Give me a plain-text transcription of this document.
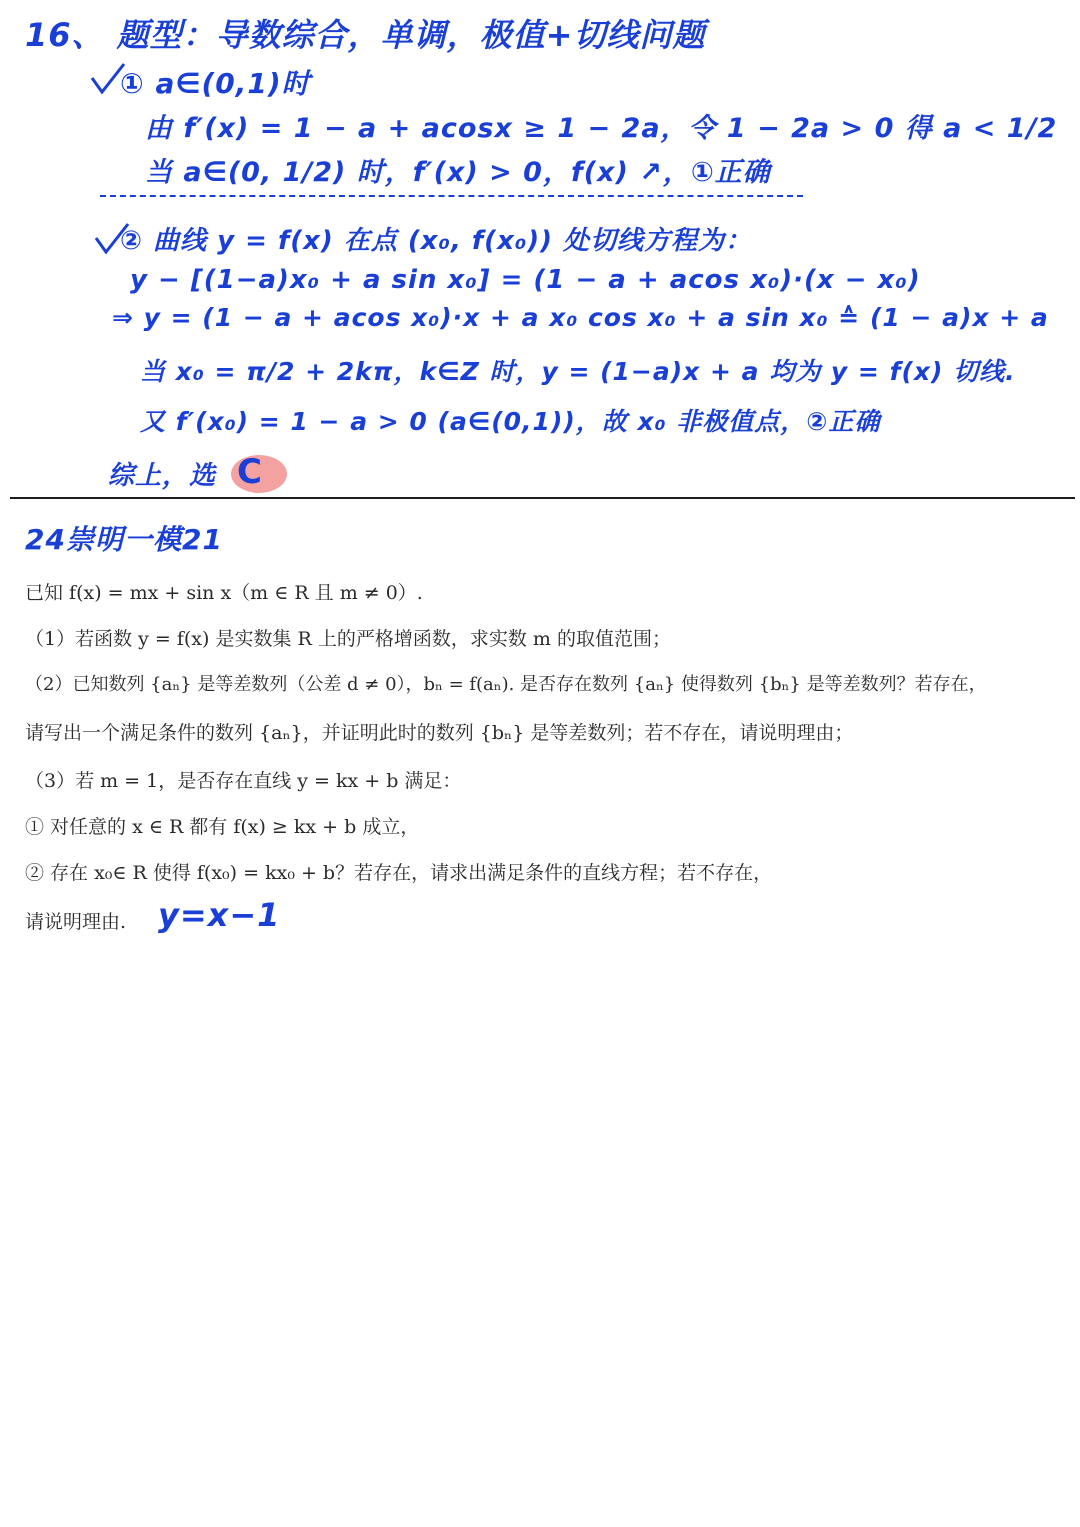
16、 题型：导数综合，单调，极值+切线问题
① a∈(0,1)时
由 f′(x) = 1 − a + acosx ≥ 1 − 2a，令 1 − 2a > 0 得 a < 1/2
当 a∈(0, 1/2) 时，f′(x) > 0，f(x) ↗，①正确
② 曲线 y = f(x) 在点 (x₀, f(x₀)) 处切线方程为：
y − [(1−a)x₀ + a sin x₀] = (1 − a + acos x₀)·(x − x₀)
⇒ y = (1 − a + acos x₀)·x + a x₀ cos x₀ + a sin x₀ ≙ (1 − a)x + a
当 x₀ = π/2 + 2kπ，k∈Z 时，y = (1−a)x + a 均为 y = f(x) 切线.
又 f′(x₀) = 1 − a > 0 (a∈(0,1))，故 x₀ 非极值点，②正确
综上，选 C
24崇明一模21
已知 f(x) = mx + sin x（m ∈ R 且 m ≠ 0）.
（1）若函数 y = f(x) 是实数集 R 上的严格增函数，求实数 m 的取值范围；
（2）已知数列 {aₙ} 是等差数列（公差 d ≠ 0），bₙ = f(aₙ). 是否存在数列 {aₙ} 使得数列 {bₙ} 是等差数列？若存在，
请写出一个满足条件的数列 {aₙ}，并证明此时的数列 {bₙ} 是等差数列；若不存在，请说明理由；
（3）若 m = 1，是否存在直线 y = kx + b 满足：
① 对任意的 x ∈ R 都有 f(x) ≥ kx + b 成立，
② 存在 x₀∈ R 使得 f(x₀) = kx₀ + b？若存在，请求出满足条件的直线方程；若不存在，
请说明理由. y=x−1
